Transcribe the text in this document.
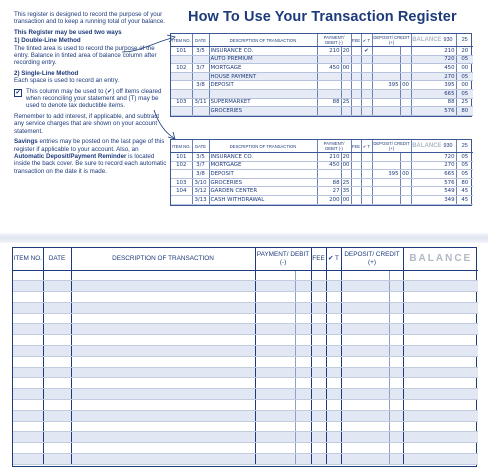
This register is designed to record the purpose of your transaction and to keep a running total of your balance.

This Register may be used two ways

1) Double-Line Method

The tinted area is used to record the purpose of the entry. Balance in tinted area of balance column after recording entry.

2) Single-Line Method

Each space is used to record an entry.

✔ This column may be used to (✔) off items cleared when reconciling your statement and (T) may be used to denote tax deductible items.

Remember to add interest, if applicable, and subtract any service charges that are shown on your account statement.

Savings entries may be posted on the last page of this register if applicable to your account. Also, an Automatic Deposit/Payment Reminder is located inside the back cover. Be sure to record each automatic transaction on the date it is made.

How To Use Your Transaction Register
ITEM NO.	DATE	DESCRIPTION OF TRANSACTION	PAYMENT/ DEBIT (-)		FEE	✔ T	DEPOSIT/ CREDIT (+)		BALANCE 930	25
101	3/5	INSURANCE CO.	210	20		✔			210	20
		AUTO PREMIUM							720	05
102	3/7	MORTGAGE	450	00					450	00
		HOUSE PAYMENT							270	05
	3/8	DEPOSIT					395	00	395	00
									665	05
103	3/11	SUPERMARKET	88	25					88	25
		GROCERIES							576	80
ITEM NO.	DATE	DESCRIPTION OF TRANSACTION	PAYMENT/ DEBIT (-)		FEE	✔ T	DEPOSIT/ CREDIT (+)		BALANCE 930	25
101	3/5	INSURANCE CO.	210	20					720	05
102	3/7	MORTGAGE	450	00					270	05
	3/8	DEPOSIT					395	00	665	05
103	3/10	GROCERIES	88	25					576	80
104	3/12	GARDEN CENTER	27	35					549	45
	3/13	CASH WITHDRAWAL	200	00					349	45
ITEM NO.	DATE	DESCRIPTION OF TRANSACTION	PAYMENT/ DEBIT (-)		FEE	✔ T	DEPOSIT/ CREDIT (+)		BALANCE
